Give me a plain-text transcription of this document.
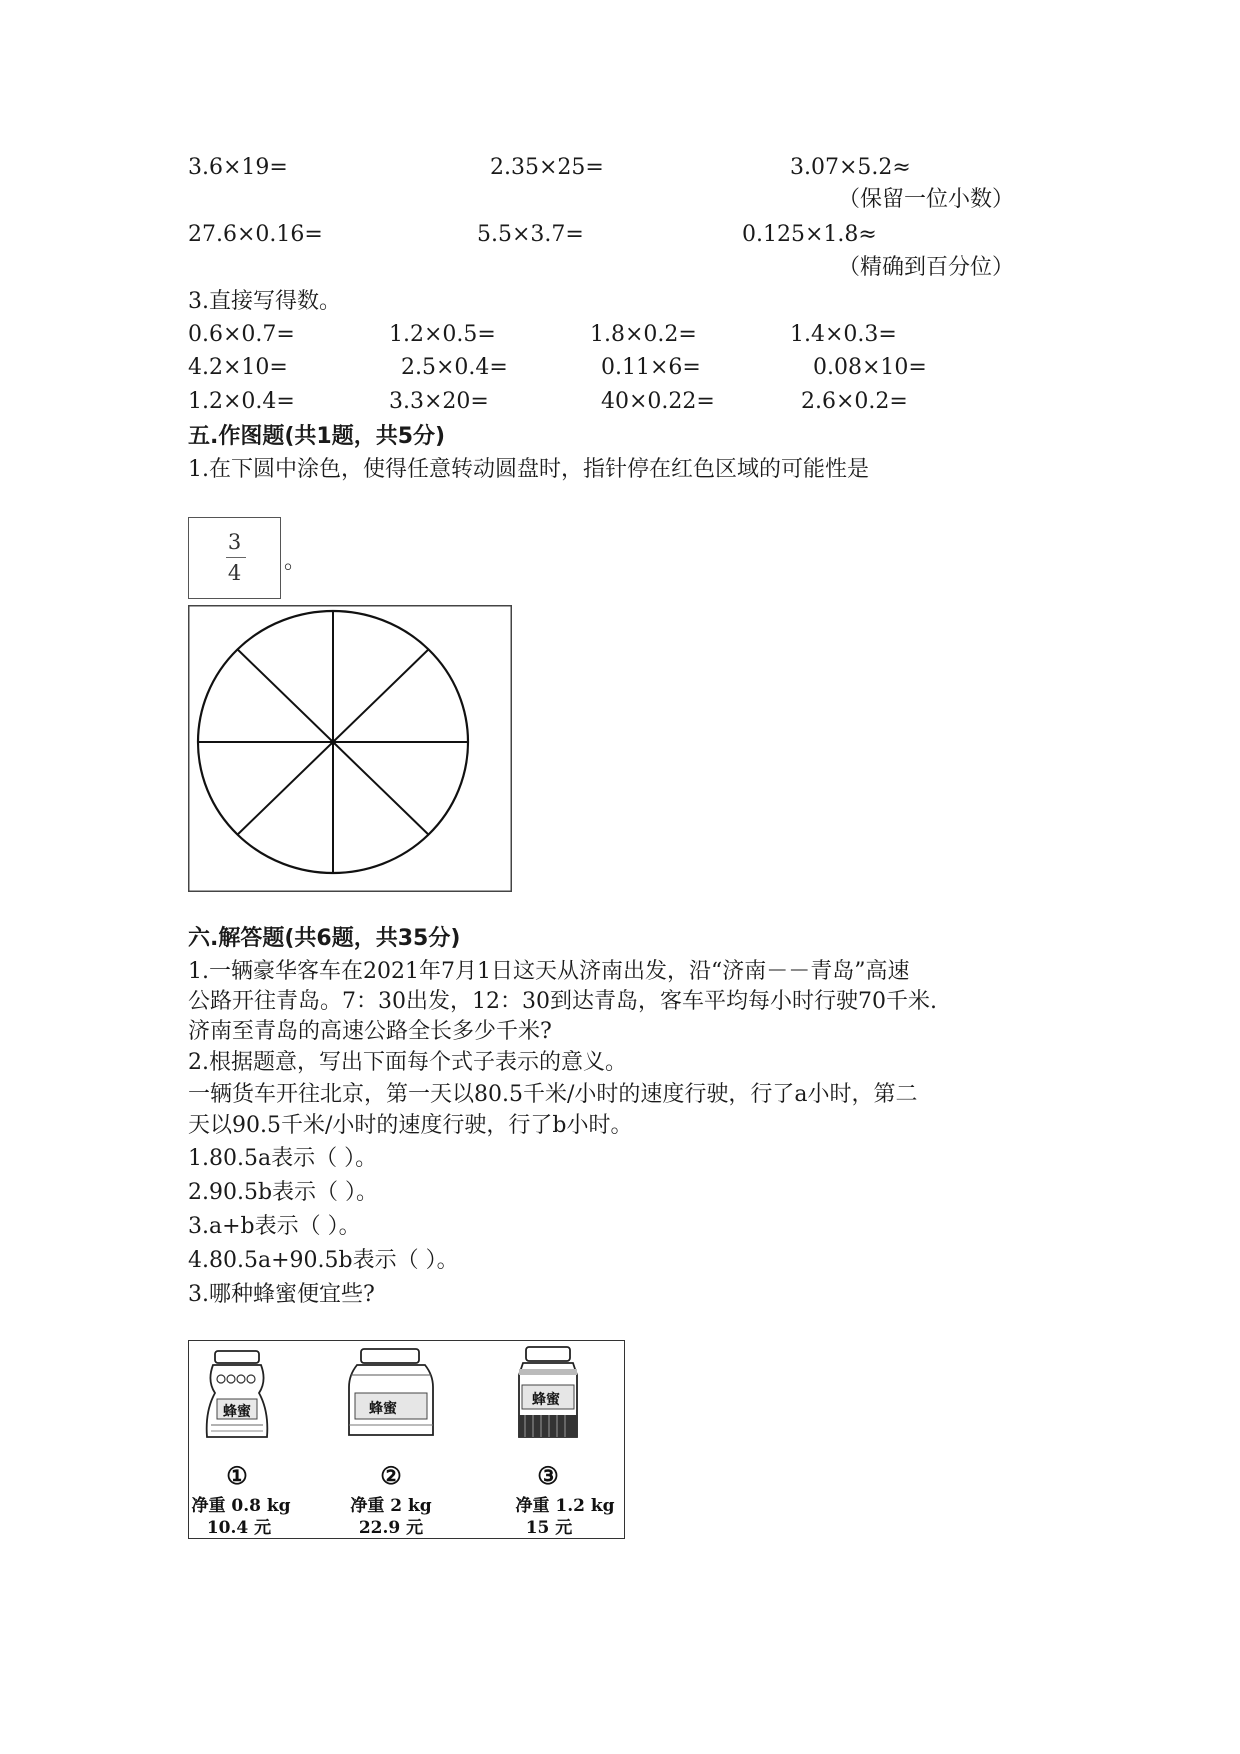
3.6×19=	2.35×25=	3.07×5.2≈
（保留一位小数）
27.6×0.16=	5.5×3.7=	0.125×1.8≈
（精确到百分位）
3.直接写得数。
0.6×0.7=	1.2×0.5=	1.8×0.2=	1.4×0.3=
4.2×10=	2.5×0.4=	0.11×6=	0.08×10=
1.2×0.4=	3.3×20=	40×0.22=	2.6×0.2=
五.作图题(共1题，共5分)
1.在下圆中涂色，使得任意转动圆盘时，指针停在红色区域的可能性是
3
4	。
六.解答题(共6题，共35分)
1.一辆豪华客车在2021年7月1日这天从济南出发，沿“济南－－青岛”高速
公路开往青岛。7：30出发，12：30到达青岛，客车平均每小时行驶70千米.
济南至青岛的高速公路全长多少千米?
2.根据题意，写出下面每个式子表示的意义。
一辆货车开往北京，第一天以80.5千米/小时的速度行驶，行了a小时，第二
天以90.5千米/小时的速度行驶，行了b小时。
1.80.5a表示（ ）。
2.90.5b表示（ ）。
3.a+b表示（ ）。
4.80.5a+90.5b表示（ ）。
3.哪种蜂蜜便宜些?
蜂蜜	蜂蜜
蜂蜜
①	②	③
净重 0.8 kg	净重 2 kg	净重 1.2 kg
10.4 元	22.9 元	15 元
